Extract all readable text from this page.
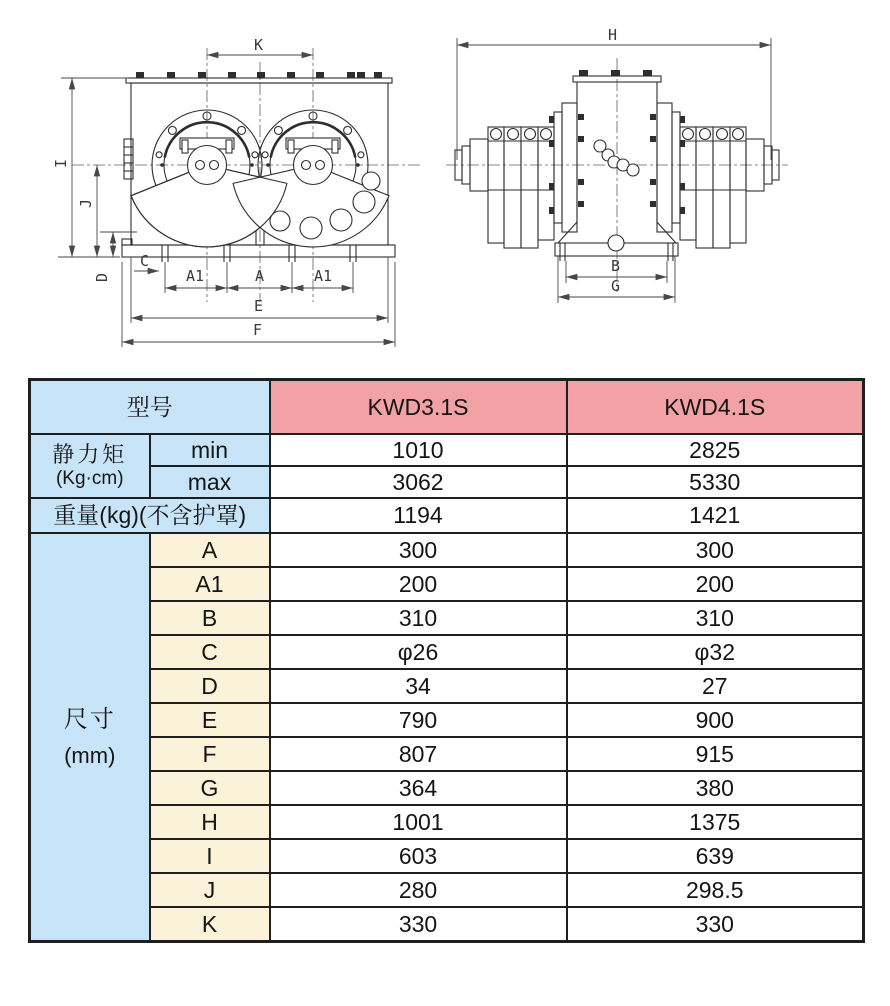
K
I
J
D
C
A1	A	A1
E
F
H
B
G
型号		KWD3.1S	KWD4.1S

静力矩
(Kg·cm)	min	1010	2825
	max	3062	5330
重量(kg)(不含护罩)		1194	1421

尺寸
(mm)	A	300	300
	A1	200	200
	B	310	310
	C	φ26	φ32
	D	34	27
	E	790	900
	F	807	915
	G	364	380
	H	1001	1375
	I	603	639
	J	280	298.5
	K	330	330
